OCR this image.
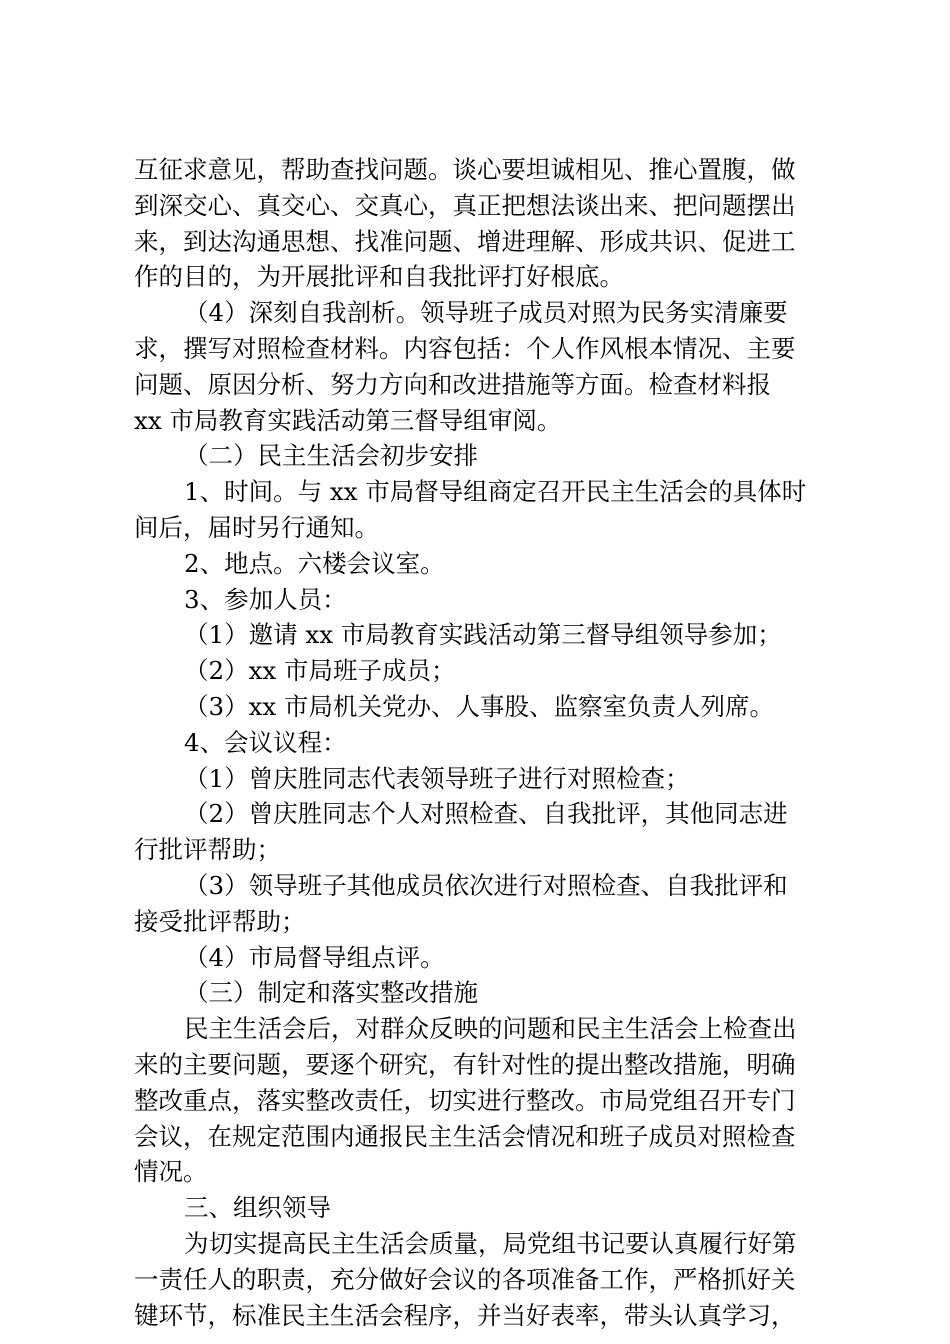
互征求意见，帮助查找问题。谈心要坦诚相见、推心置腹，做
到深交心、真交心、交真心，真正把想法谈出来、把问题摆出
来，到达沟通思想、找准问题、增进理解、形成共识、促进工
作的目的，为开展批评和自我批评打好根底。
（4）深刻自我剖析。领导班子成员对照为民务实清廉要
求，撰写对照检查材料。内容包括：个人作风根本情况、主要
问题、原因分析、努力方向和改进措施等方面。检查材料报
xx 市局教育实践活动第三督导组审阅。
（二）民主生活会初步安排
1、时间。与 xx 市局督导组商定召开民主生活会的具体时
间后，届时另行通知。
2、地点。六楼会议室。
3、参加人员：
（1）邀请 xx 市局教育实践活动第三督导组领导参加；
（2）xx 市局班子成员；
（3）xx 市局机关党办、人事股、监察室负责人列席。
4、会议议程：
（1）曾庆胜同志代表领导班子进行对照检查；
（2）曾庆胜同志个人对照检查、自我批评，其他同志进
行批评帮助；
（3）领导班子其他成员依次进行对照检查、自我批评和
接受批评帮助；
（4）市局督导组点评。
（三）制定和落实整改措施
民主生活会后，对群众反映的问题和民主生活会上检查出
来的主要问题，要逐个研究，有针对性的提出整改措施，明确
整改重点，落实整改责任，切实进行整改。市局党组召开专门
会议，在规定范围内通报民主生活会情况和班子成员对照检查
情况。
三、组织领导
为切实提高民主生活会质量，局党组书记要认真履行好第
一责任人的职责，充分做好会议的各项准备工作，严格抓好关
键环节，标准民主生活会程序，并当好表率，带头认真学习，
